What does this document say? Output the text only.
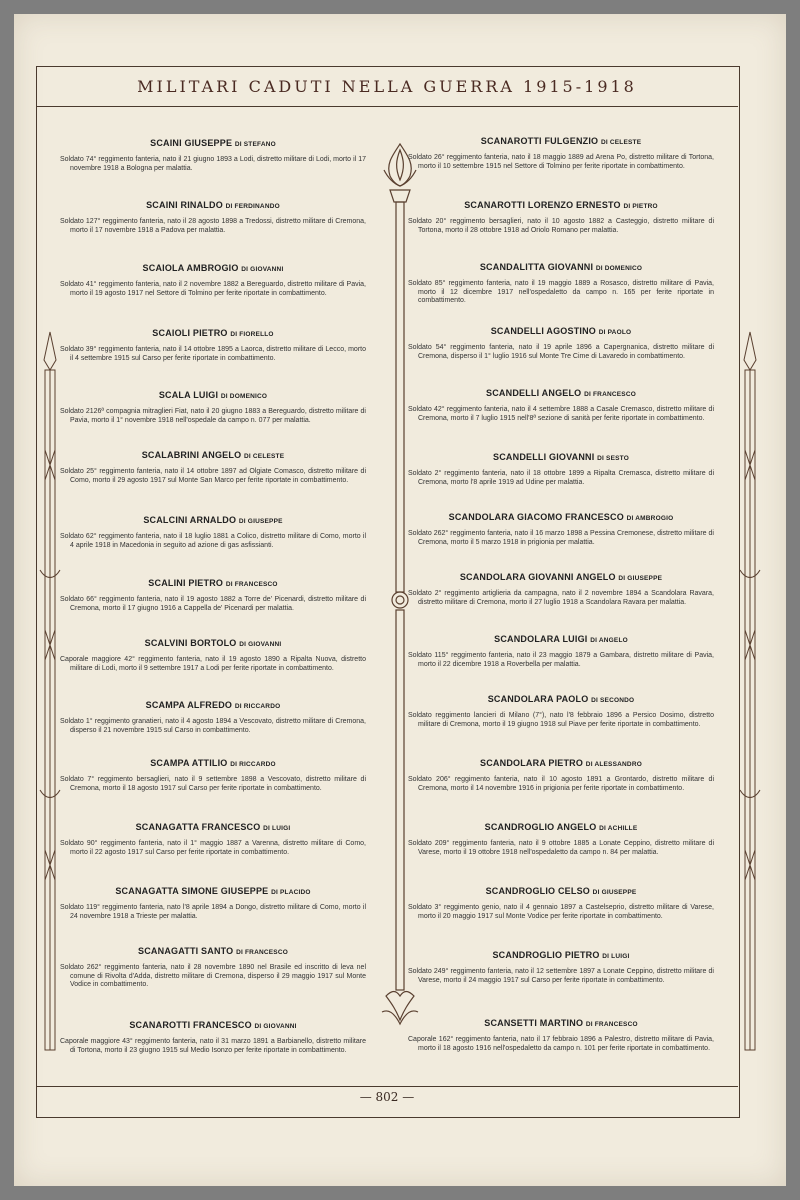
MILITARI CADUTI NELLA GUERRA 1915-1918
SCAINI GIUSEPPE DI STEFANO

Soldato 74° reggimento fanteria, nato il 21 giugno 1893 a Lodi, distretto militare di Lodi, morto il 17 novembre 1918 a Bologna per malattia.

SCAINI RINALDO DI FERDINANDO

Soldato 127° reggimento fanteria, nato il 28 agosto 1898 a Tredossi, distretto militare di Cremona, morto il 17 novembre 1918 a Padova per malattia.

SCAIOLA AMBROGIO DI GIOVANNI

Soldato 41° reggimento fanteria, nato il 2 novembre 1882 a Bereguardo, distretto militare di Pavia, morto il 19 agosto 1917 nel Settore di Tolmino per ferite riportate in combattimento.

SCAIOLI PIETRO DI FIORELLO

Soldato 39° reggimento fanteria, nato il 14 ottobre 1895 a Laorca, distretto militare di Lecco, morto il 4 settembre 1915 sul Carso per ferite riportate in combattimento.

SCALA LUIGI DI DOMENICO

Soldato 2126ª compagnia mitraglieri Fiat, nato il 20 giugno 1883 a Bereguardo, distretto militare di Pavia, morto il 1° novembre 1918 nell'ospedale da campo n. 077 per malattia.

SCALABRINI ANGELO DI CELESTE

Soldato 25° reggimento fanteria, nato il 14 ottobre 1897 ad Olgiate Comasco, distretto militare di Como, morto il 29 agosto 1917 sul Monte San Marco per ferite riportate in combattimento.

SCALCINI ARNALDO DI GIUSEPPE

Soldato 62° reggimento fanteria, nato il 18 luglio 1881 a Colico, distretto militare di Como, morto il 4 aprile 1918 in Macedonia in seguito ad azione di gas asfissianti.

SCALINI PIETRO DI FRANCESCO

Soldato 66° reggimento fanteria, nato il 19 agosto 1882 a Torre de' Picenardi, distretto militare di Cremona, morto il 17 giugno 1916 a Cappella de' Picenardi per malattia.

SCALVINI BORTOLO DI GIOVANNI

Caporale maggiore 42° reggimento fanteria, nato il 19 agosto 1890 a Ripalta Nuova, distretto militare di Lodi, morto il 9 settembre 1917 a Lodi per ferite riportate in combattimento.

SCAMPA ALFREDO DI RICCARDO

Soldato 1° reggimento granatieri, nato il 4 agosto 1894 a Vescovato, distretto militare di Cremona, disperso il 21 novembre 1915 sul Carso in combattimento.

SCAMPA ATTILIO DI RICCARDO

Soldato 7° reggimento bersaglieri, nato il 9 settembre 1898 a Vescovato, distretto militare di Cremona, morto il 18 agosto 1917 sul Carso per ferite riportate in combattimento.

SCANAGATTA FRANCESCO DI LUIGI

Soldato 90° reggimento fanteria, nato il 1° maggio 1887 a Varenna, distretto militare di Como, morto il 22 agosto 1917 sul Carso per ferite riportate in combattimento.

SCANAGATTA SIMONE GIUSEPPE DI PLACIDO

Soldato 119° reggimento fanteria, nato l'8 aprile 1894 a Dongo, distretto militare di Como, morto il 24 novembre 1918 a Trieste per malattia.

SCANAGATTI SANTO DI FRANCESCO

Soldato 262° reggimento fanteria, nato il 28 novembre 1890 nel Brasile ed inscritto di leva nel comune di Rivolta d'Adda, distretto militare di Cremona, disperso il 29 maggio 1917 sul Monte Vodice in combattimento.

SCANAROTTI FRANCESCO DI GIOVANNI

Caporale maggiore 43° reggimento fanteria, nato il 31 marzo 1891 a Barbianello, distretto militare di Tortona, morto il 23 giugno 1915 sul Medio Isonzo per ferite riportate in combattimento.

SCANAROTTI FULGENZIO DI CELESTE

Soldato 26° reggimento fanteria, nato il 18 maggio 1889 ad Arena Po, distretto militare di Tortona, morto il 10 settembre 1915 nel Settore di Tolmino per ferite riportate in combattimento.

SCANAROTTI LORENZO ERNESTO DI PIETRO

Soldato 20° reggimento bersaglieri, nato il 10 agosto 1882 a Casteggio, distretto militare di Tortona, morto il 28 ottobre 1918 ad Oriolo Romano per malattia.

SCANDALITTA GIOVANNI DI DOMENICO

Soldato 85° reggimento fanteria, nato il 19 maggio 1889 a Rosasco, distretto militare di Pavia, morto il 12 dicembre 1917 nell'ospedaletto da campo n. 165 per ferite riportate in combattimento.

SCANDELLI AGOSTINO DI PAOLO

Soldato 54° reggimento fanteria, nato il 19 aprile 1896 a Capergnanica, distretto militare di Cremona, disperso il 1° luglio 1916 sul Monte Tre Cime di Lavaredo in combattimento.

SCANDELLI ANGELO DI FRANCESCO

Soldato 42° reggimento fanteria, nato il 4 settembre 1888 a Casale Cremasco, distretto militare di Cremona, morto il 7 luglio 1915 nell'8ª sezione di sanità per ferite riportate in combattimento.

SCANDELLI GIOVANNI DI SESTO

Soldato 2° reggimento fanteria, nato il 18 ottobre 1899 a Ripalta Cremasca, distretto militare di Cremona, morto l'8 aprile 1919 ad Udine per malattia.

SCANDOLARA GIACOMO FRANCESCO DI AMBROGIO

Soldato 262° reggimento fanteria, nato il 16 marzo 1898 a Pessina Cremonese, distretto militare di Cremona, morto il 5 marzo 1918 in prigionia per malattia.

SCANDOLARA GIOVANNI ANGELO DI GIUSEPPE

Soldato 2° reggimento artiglieria da campagna, nato il 2 novembre 1894 a Scandolara Ravara, distretto militare di Cremona, morto il 27 luglio 1918 a Scandolara Ravara per malattia.

SCANDOLARA LUIGI DI ANGELO

Soldato 115° reggimento fanteria, nato il 23 maggio 1879 a Gambara, distretto militare di Pavia, morto il 22 dicembre 1918 a Roverbella per malattia.

SCANDOLARA PAOLO DI SECONDO

Soldato reggimento lancieri di Milano (7°), nato l'8 febbraio 1896 a Persico Dosimo, distretto militare di Cremona, morto il 19 giugno 1918 sul Piave per ferite riportate in combattimento.

SCANDOLARA PIETRO DI ALESSANDRO

Soldato 206° reggimento fanteria, nato il 10 agosto 1891 a Grontardo, distretto militare di Cremona, morto il 14 novembre 1916 in prigionia per ferite riportate in combattimento.

SCANDROGLIO ANGELO DI ACHILLE

Soldato 209° reggimento fanteria, nato il 9 ottobre 1885 a Lonate Ceppino, distretto militare di Varese, morto il 19 ottobre 1918 nell'ospedaletto da campo n. 84 per malattia.

SCANDROGLIO CELSO DI GIUSEPPE

Soldato 3° reggimento genio, nato il 4 gennaio 1897 a Castelseprio, distretto militare di Varese, morto il 20 maggio 1917 sul Monte Vodice per ferite riportate in combattimento.

SCANDROGLIO PIETRO DI LUIGI

Soldato 249° reggimento fanteria, nato il 12 settembre 1897 a Lonate Ceppino, distretto militare di Varese, morto il 24 maggio 1917 sul Carso per ferite riportate in combattimento.

SCANSETTI MARTINO DI FRANCESCO

Caporale 162° reggimento fanteria, nato il 17 febbraio 1896 a Palestro, distretto militare di Pavia, morto il 18 agosto 1916 nell'ospedaletto da campo n. 101 per ferite riportate in combattimento.

— 802 —
